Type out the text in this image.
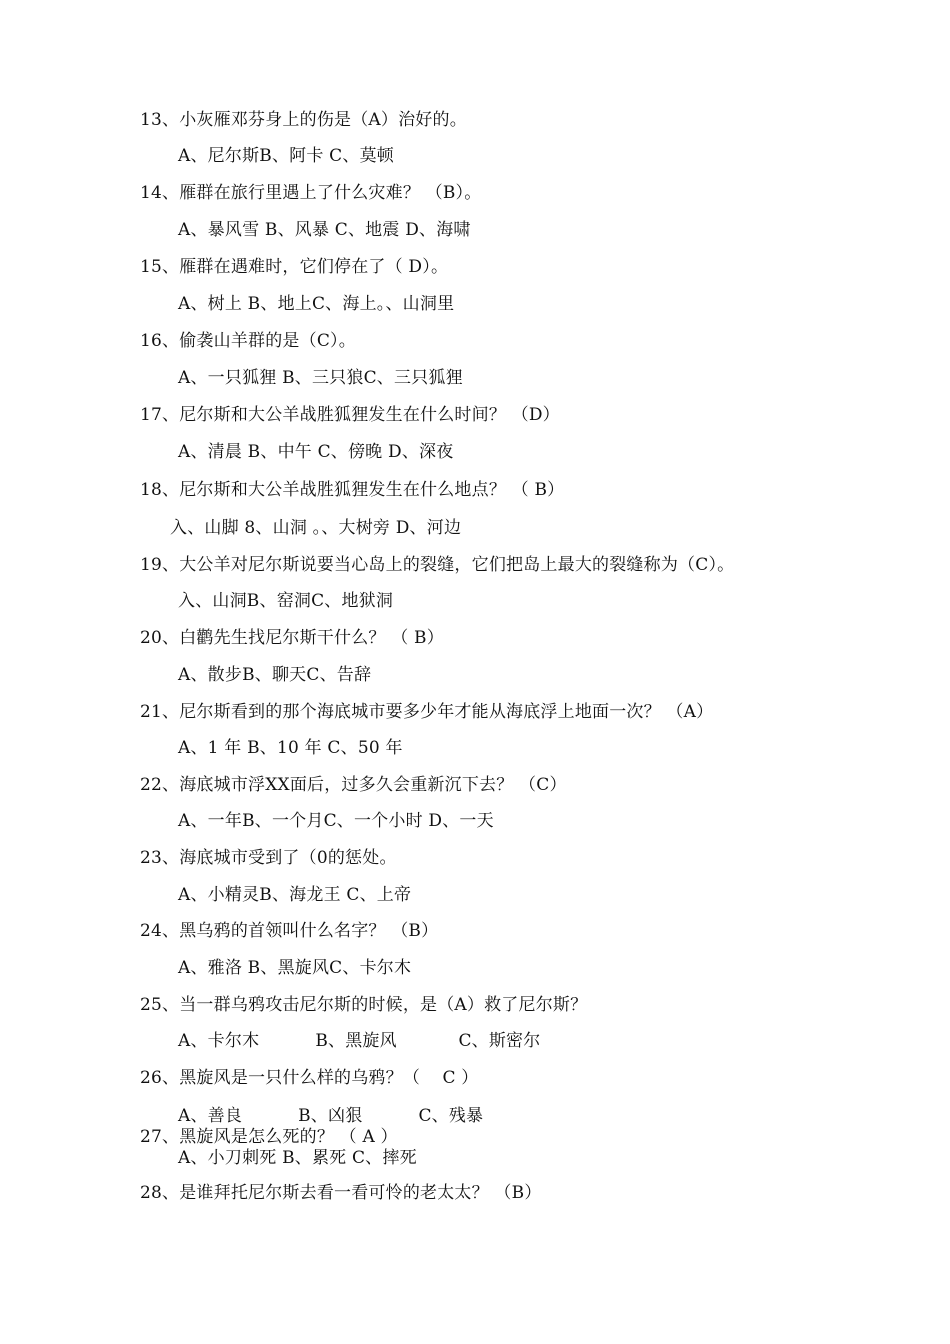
13、小灰雁邓芬身上的伤是（A）治好的。
A、尼尔斯B、阿卡 C、莫顿
14、雁群在旅行里遇上了什么灾难？ （B）。
A、暴风雪 B、风暴 C、地震 D、海啸
15、雁群在遇难时，它们停在了（ D）。
A、树上 B、地上C、海上。、山洞里
16、偷袭山羊群的是（C）。
A、一只狐狸 B、三只狼C、三只狐狸
17、尼尔斯和大公羊战胜狐狸发生在什么时间？ （D）
A、清晨 B、中午 C、傍晚 D、深夜
18、尼尔斯和大公羊战胜狐狸发生在什么地点？ （ B）
入、山脚 8、山洞 。、大树旁 D、河边
19、大公羊对尼尔斯说要当心岛上的裂缝，它们把岛上最大的裂缝称为（C）。
入、山洞B、窑洞C、地狱洞
20、白鹳先生找尼尔斯干什么？ （ B）
A、散步B、聊天C、告辞
21、尼尔斯看到的那个海底城市要多少年才能从海底浮上地面一次？ （A）
A、1 年 B、10 年 C、50 年
22、海底城市浮XX面后，过多久会重新沉下去？ （C）
A、一年B、一个月C、一个小时 D、一天
23、海底城市受到了（0的惩处。
A、小精灵B、海龙王 C、上帝
24、黑乌鸦的首领叫什么名字？ （B）
A、雅洛 B、黑旋风C、卡尔木
25、当一群乌鸦攻击尼尔斯的时候，是（A）救了尼尔斯？
A、卡尔木          B、黑旋风           C、斯密尔
26、黑旋风是一只什么样的乌鸦？（    C ）
A、善良          B、凶狠          C、残暴
27、黑旋风是怎么死的？ （ A ）
A、小刀刺死 B、累死 C、摔死
28、是谁拜托尼尔斯去看一看可怜的老太太？ （B）
